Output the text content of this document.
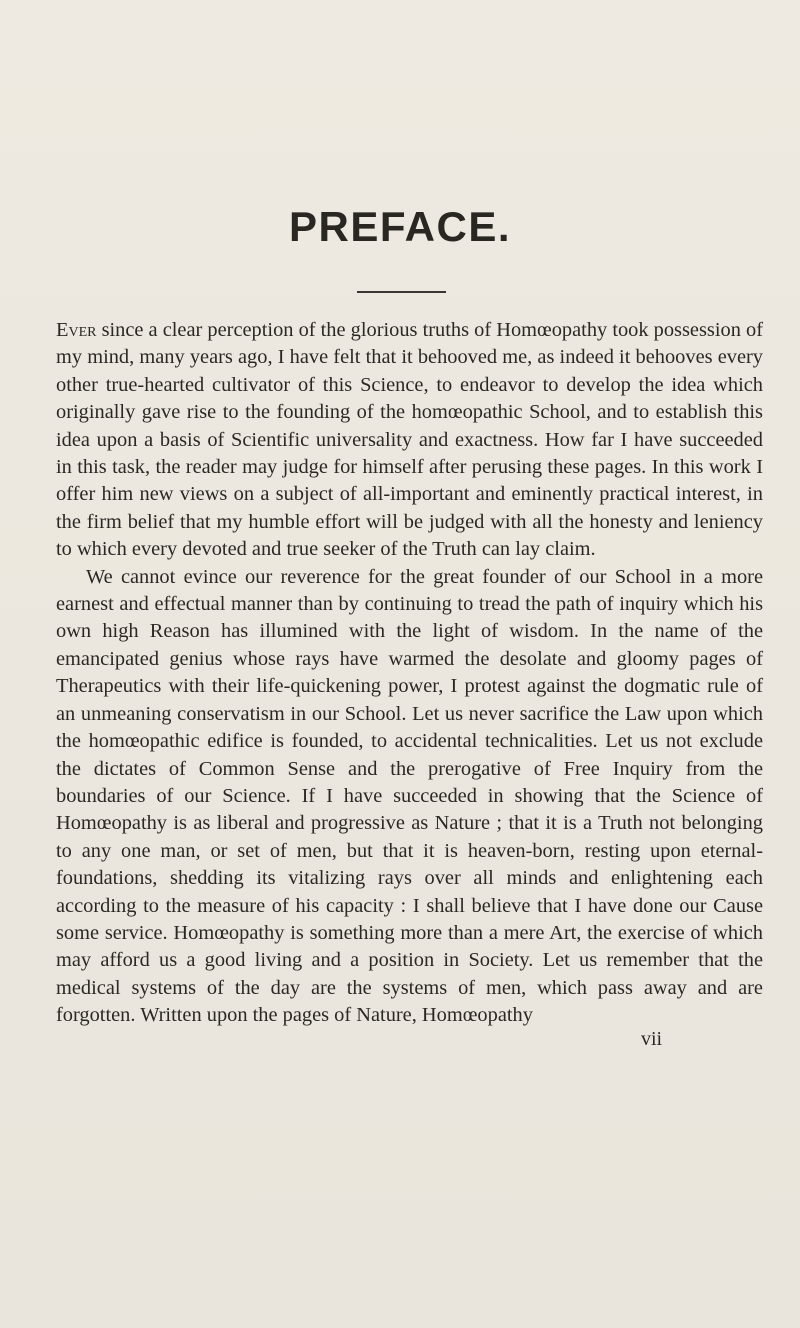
PREFACE.

Ever since a clear perception of the glorious truths of Homœopathy took possession of my mind, many years ago, I have felt that it behooved me, as indeed it behooves every other true-hearted cultivator of this Science, to endeavor to develop the idea which originally gave rise to the founding of the homœopathic School, and to establish this idea upon a basis of Scientific universality and exactness. How far I have succeeded in this task, the reader may judge for himself after perusing these pages. In this work I offer him new views on a subject of all-important and eminently practical interest, in the firm belief that my humble effort will be judged with all the honesty and leniency to which every devoted and true seeker of the Truth can lay claim.

We cannot evince our reverence for the great founder of our School in a more earnest and effectual manner than by continuing to tread the path of inquiry which his own high Reason has illumined with the light of wisdom. In the name of the emancipated genius whose rays have warmed the desolate and gloomy pages of Therapeutics with their life-quickening power, I protest against the dogmatic rule of an unmeaning conservatism in our School. Let us never sacrifice the Law upon which the homœopathic edifice is founded, to accidental technicalities. Let us not exclude the dictates of Common Sense and the prerogative of Free Inquiry from the boundaries of our Science. If I have succeeded in showing that the Science of Homœopathy is as liberal and progressive as Nature ; that it is a Truth not belonging to any one man, or set of men, but that it is heaven-born, resting upon eternal-foundations, shedding its vitalizing rays over all minds and enlightening each according to the measure of his capacity : I shall believe that I have done our Cause some service. Homœopathy is something more than a mere Art, the exercise of which may afford us a good living and a position in Society. Let us remember that the medical systems of the day are the systems of men, which pass away and are forgotten. Written upon the pages of Nature, Homœopathy

vii
